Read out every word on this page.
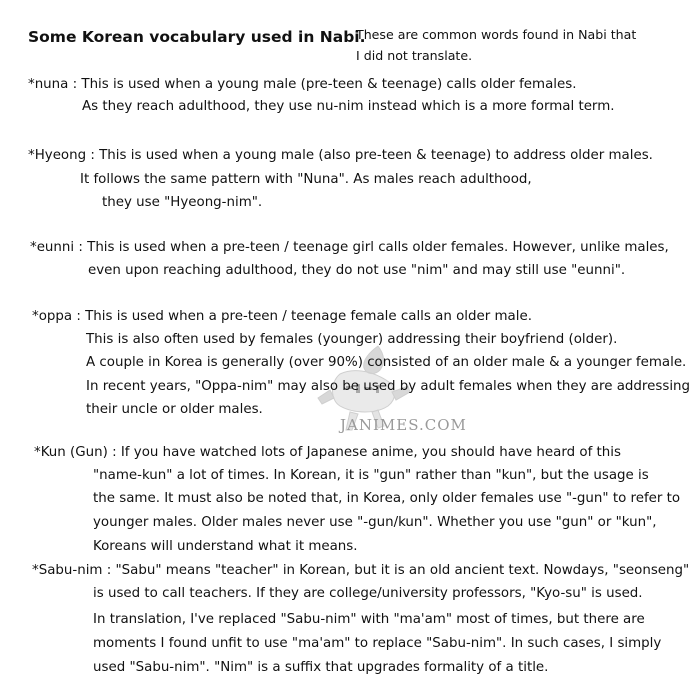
JANIMES.COM
Some Korean vocabulary used in Nabi.
These are common words found in Nabi that
I did not translate.
*nuna : This is used when a young male (pre-teen & teenage) calls older females.
As they reach adulthood, they use nu-nim instead which is a more formal term.
*Hyeong : This is used when a young male (also pre-teen & teenage) to address older males.
It follows the same pattern with "Nuna". As males reach adulthood,
they use "Hyeong-nim".
*eunni : This is used when a pre-teen / teenage girl calls older females. However, unlike males,
even upon reaching adulthood, they do not use "nim" and may still use "eunni".
*oppa : This is used when a pre-teen / teenage female calls an older male.
This is also often used by females (younger) addressing their boyfriend (older).
A couple in Korea is generally (over 90%) consisted of an older male & a younger female.
In recent years, "Oppa-nim" may also be used by adult females when they are addressing
their uncle or older males.
*Kun (Gun) : If you have watched lots of Japanese anime, you should have heard of this
"name-kun" a lot of times. In Korean, it is "gun" rather than "kun", but the usage is
the same. It must also be noted that, in Korea, only older females use "-gun" to refer to
younger males. Older males never use "-gun/kun". Whether you use "gun" or "kun",
Koreans will understand what it means.
*Sabu-nim : "Sabu" means "teacher" in Korean, but it is an old ancient text. Nowdays, "seonseng"
is used to call teachers. If they are college/university professors, "Kyo-su" is used.
In translation, I've replaced "Sabu-nim" with "ma'am" most of times, but there are
moments I found unfit to use "ma'am" to replace "Sabu-nim". In such cases, I simply
used "Sabu-nim". "Nim" is a suffix that upgrades formality of a title.
